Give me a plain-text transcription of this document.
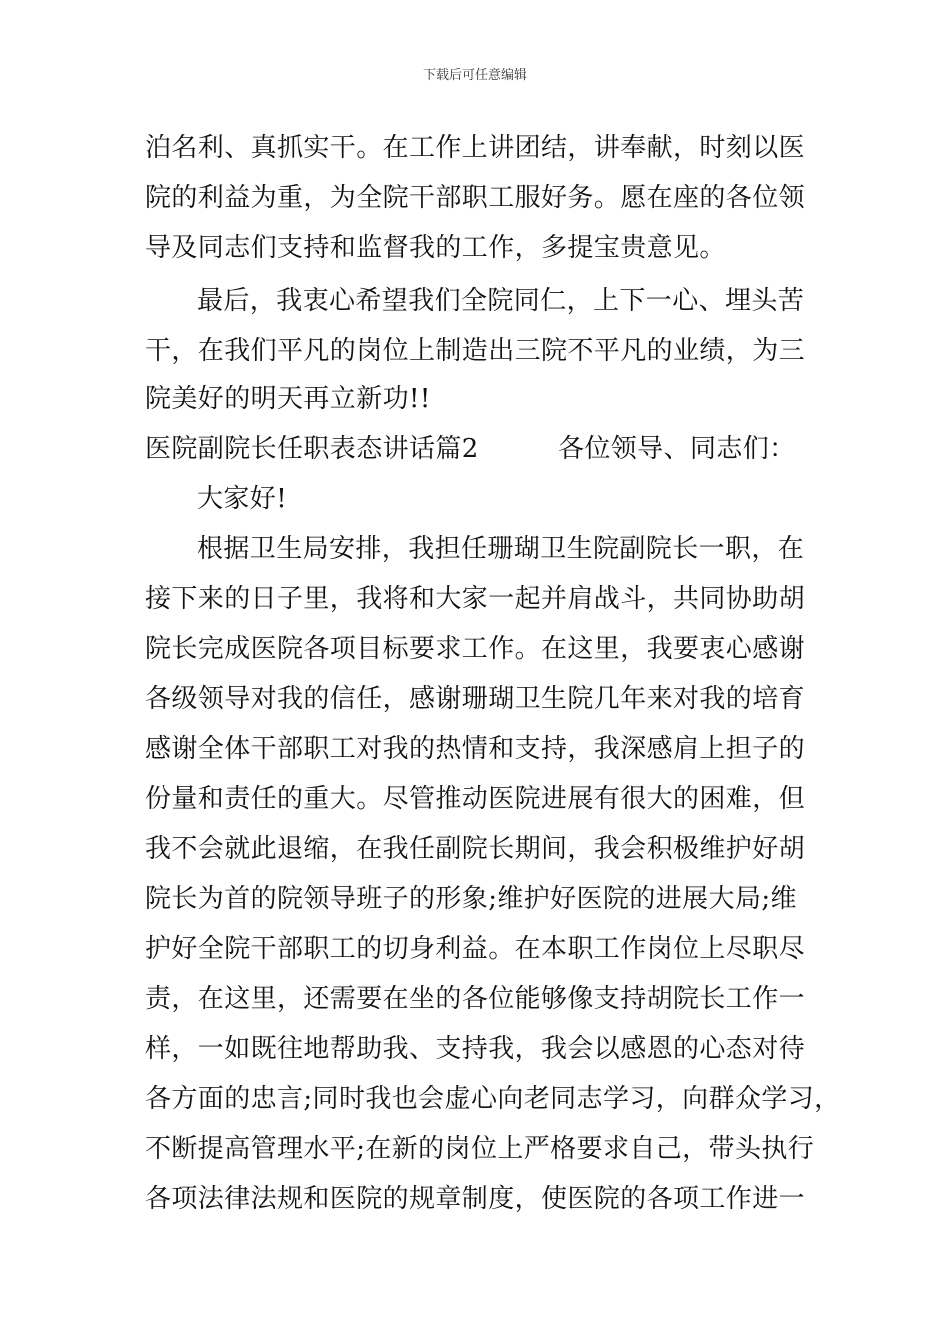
下载后可任意编辑
泊名利、真抓实干。在工作上讲团结，讲奉献，时刻以医
院的利益为重，为全院干部职工服好务。愿在座的各位领
导及同志们支持和监督我的工作，多提宝贵意见。
最后，我衷心希望我们全院同仁，上下一心、埋头苦
干，在我们平凡的岗位上制造出三院不平凡的业绩，为三
院美好的明天再立新功!!
医院副院长任职表态讲话篇2　　　各位领导、同志们：
大家好!
根据卫生局安排，我担任珊瑚卫生院副院长一职，在
接下来的日子里，我将和大家一起并肩战斗，共同协助胡
院长完成医院各项目标要求工作。在这里，我要衷心感谢
各级领导对我的信任，感谢珊瑚卫生院几年来对我的培育
感谢全体干部职工对我的热情和支持，我深感肩上担子的
份量和责任的重大。尽管推动医院进展有很大的困难，但
我不会就此退缩，在我任副院长期间，我会积极维护好胡
院长为首的院领导班子的形象;维护好医院的进展大局;维
护好全院干部职工的切身利益。在本职工作岗位上尽职尽
责，在这里，还需要在坐的各位能够像支持胡院长工作一
样，一如既往地帮助我、支持我，我会以感恩的心态对待
各方面的忠言;同时我也会虚心向老同志学习，向群众学习，
不断提高管理水平;在新的岗位上严格要求自己，带头执行
各项法律法规和医院的规章制度，使医院的各项工作进一
